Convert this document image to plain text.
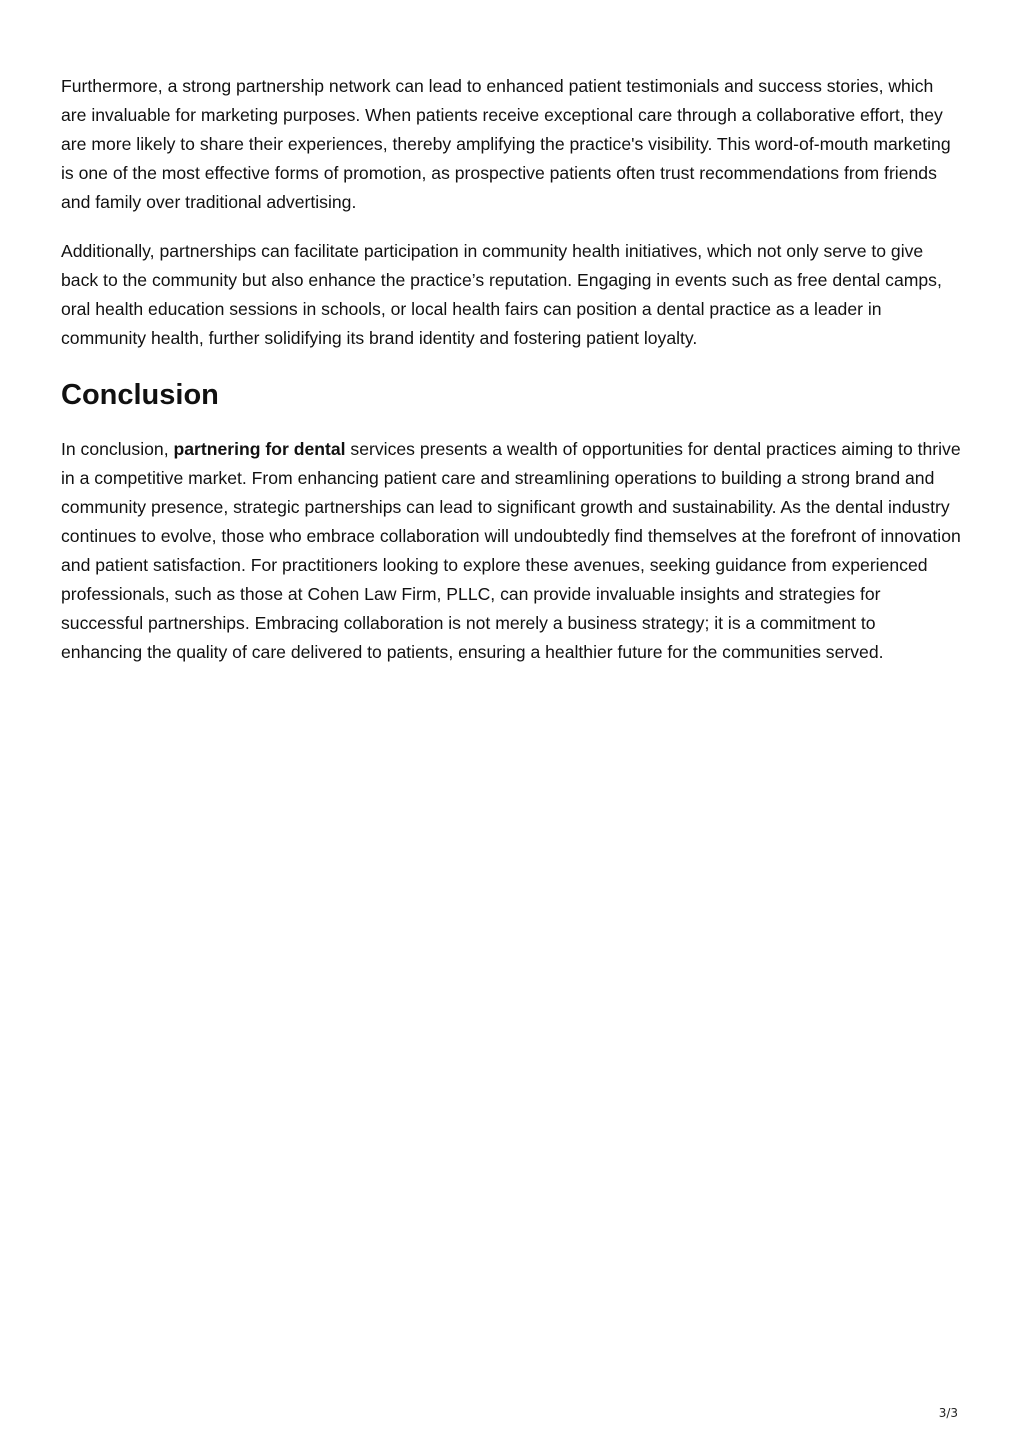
Furthermore, a strong partnership network can lead to enhanced patient testimonials and success stories, which are invaluable for marketing purposes. When patients receive exceptional care through a collaborative effort, they are more likely to share their experiences, thereby amplifying the practice's visibility. This word-of-mouth marketing is one of the most effective forms of promotion, as prospective patients often trust recommendations from friends and family over traditional advertising.

Additionally, partnerships can facilitate participation in community health initiatives, which not only serve to give back to the community but also enhance the practice’s reputation. Engaging in events such as free dental camps, oral health education sessions in schools, or local health fairs can position a dental practice as a leader in community health, further solidifying its brand identity and fostering patient loyalty.

Conclusion

In conclusion, partnering for dental services presents a wealth of opportunities for dental practices aiming to thrive in a competitive market. From enhancing patient care and streamlining operations to building a strong brand and community presence, strategic partnerships can lead to significant growth and sustainability. As the dental industry continues to evolve, those who embrace collaboration will undoubtedly find themselves at the forefront of innovation and patient satisfaction. For practitioners looking to explore these avenues, seeking guidance from experienced professionals, such as those at Cohen Law Firm, PLLC, can provide invaluable insights and strategies for successful partnerships. Embracing collaboration is not merely a business strategy; it is a commitment to enhancing the quality of care delivered to patients, ensuring a healthier future for the communities served.

3/3
